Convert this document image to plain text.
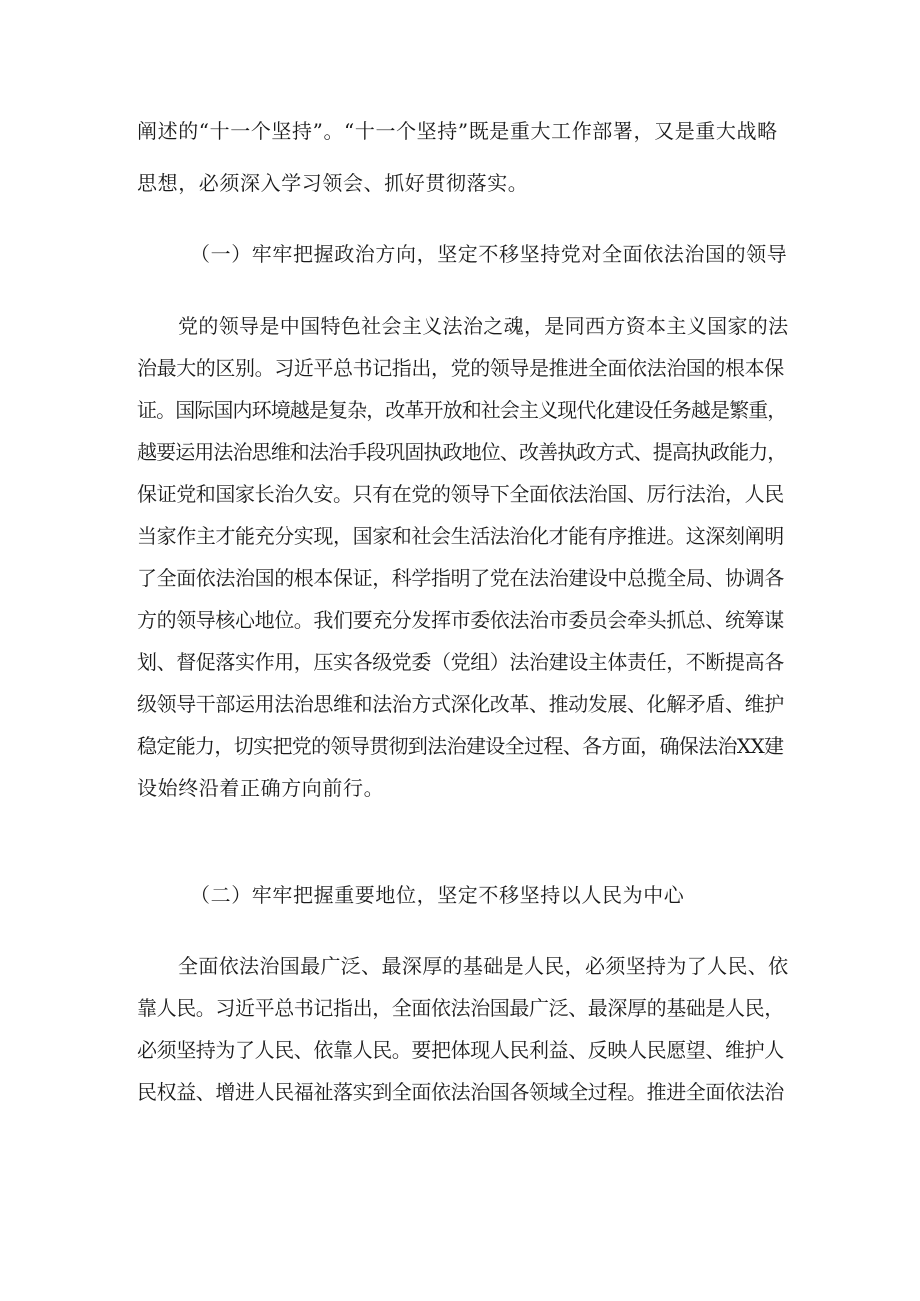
阐述的“十一个坚持”。“十一个坚持”既是重大工作部署，又是重大战略
思想，必须深入学习领会、抓好贯彻落实。
（一）牢牢把握政治方向，坚定不移坚持党对全面依法治国的领导
党的领导是中国特色社会主义法治之魂，是同西方资本主义国家的法
治最大的区别。习近平总书记指出，党的领导是推进全面依法治国的根本保
证。国际国内环境越是复杂，改革开放和社会主义现代化建设任务越是繁重，
越要运用法治思维和法治手段巩固执政地位、改善执政方式、提高执政能力，
保证党和国家长治久安。只有在党的领导下全面依法治国、厉行法治，人民
当家作主才能充分实现，国家和社会生活法治化才能有序推进。这深刻阐明
了全面依法治国的根本保证，科学指明了党在法治建设中总揽全局、协调各
方的领导核心地位。我们要充分发挥市委依法治市委员会牵头抓总、统筹谋
划、督促落实作用，压实各级党委（党组）法治建设主体责任，不断提高各
级领导干部运用法治思维和法治方式深化改革、推动发展、化解矛盾、维护
稳定能力，切实把党的领导贯彻到法治建设全过程、各方面，确保法治XX建
设始终沿着正确方向前行。
（二）牢牢把握重要地位，坚定不移坚持以人民为中心
全面依法治国最广泛、最深厚的基础是人民，必须坚持为了人民、依
靠人民。习近平总书记指出，全面依法治国最广泛、最深厚的基础是人民，
必须坚持为了人民、依靠人民。要把体现人民利益、反映人民愿望、维护人
民权益、增进人民福祉落实到全面依法治国各领域全过程。推进全面依法治
